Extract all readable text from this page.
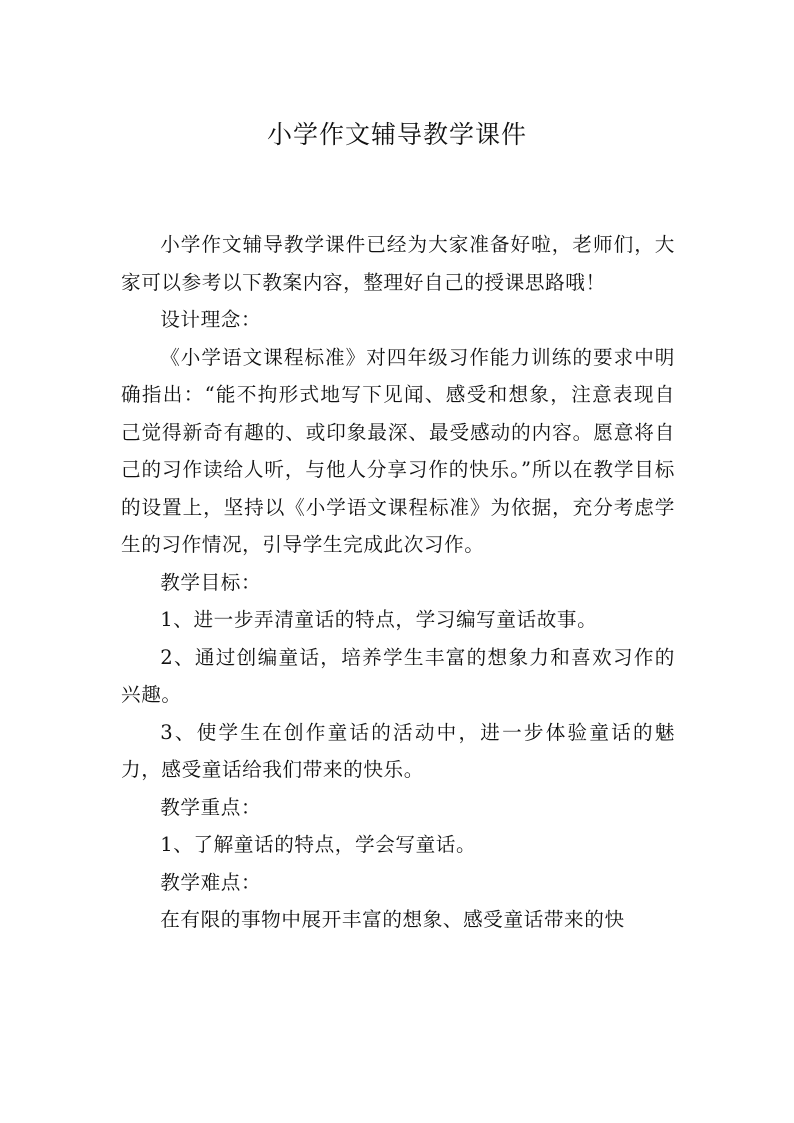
小学作文辅导教学课件

小学作文辅导教学课件已经为大家准备好啦，老师们，大家可以参考以下教案内容，整理好自己的授课思路哦！

设计理念：

《小学语文课程标准》对四年级习作能力训练的要求中明确指出：“能不拘形式地写下见闻、感受和想象，注意表现自己觉得新奇有趣的、或印象最深、最受感动的内容。愿意将自己的习作读给人听，与他人分享习作的快乐。”所以在教学目标的设置上，坚持以《小学语文课程标准》为依据，充分考虑学生的习作情况，引导学生完成此次习作。

教学目标：

1、进一步弄清童话的特点，学习编写童话故事。

2、通过创编童话，培养学生丰富的想象力和喜欢习作的兴趣。

3、使学生在创作童话的活动中，进一步体验童话的魅力，感受童话给我们带来的快乐。

教学重点：

1、了解童话的特点，学会写童话。

教学难点：

在有限的事物中展开丰富的想象、感受童话带来的快
